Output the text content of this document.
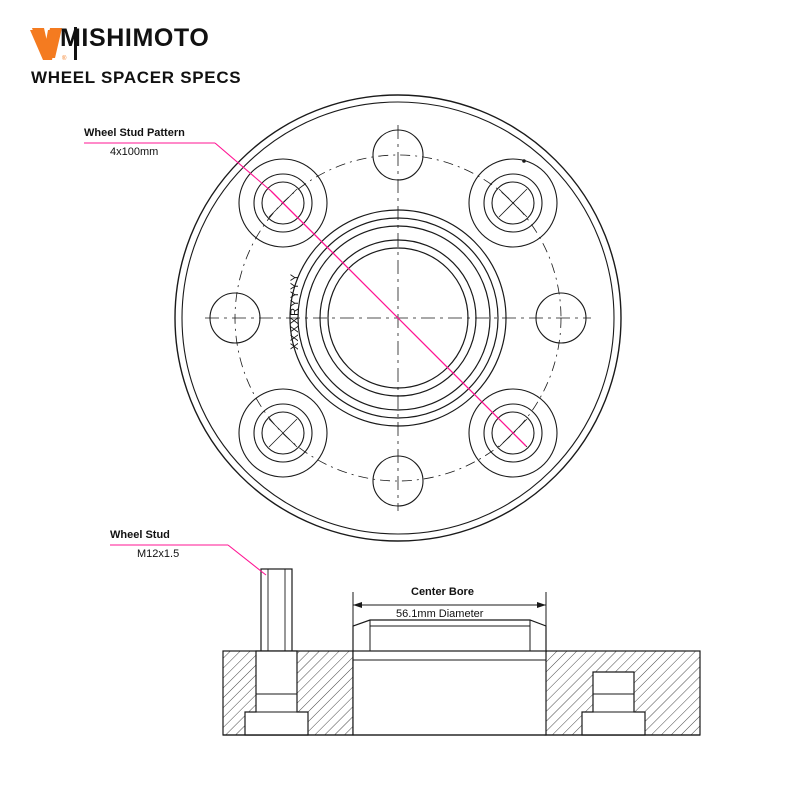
®
XXXXRYYYY
MISHIMOTO
WHEEL SPACER SPECS
Wheel Stud Pattern
4x100mm
Wheel Stud
M12x1.5
Center Bore
56.1mm Diameter
